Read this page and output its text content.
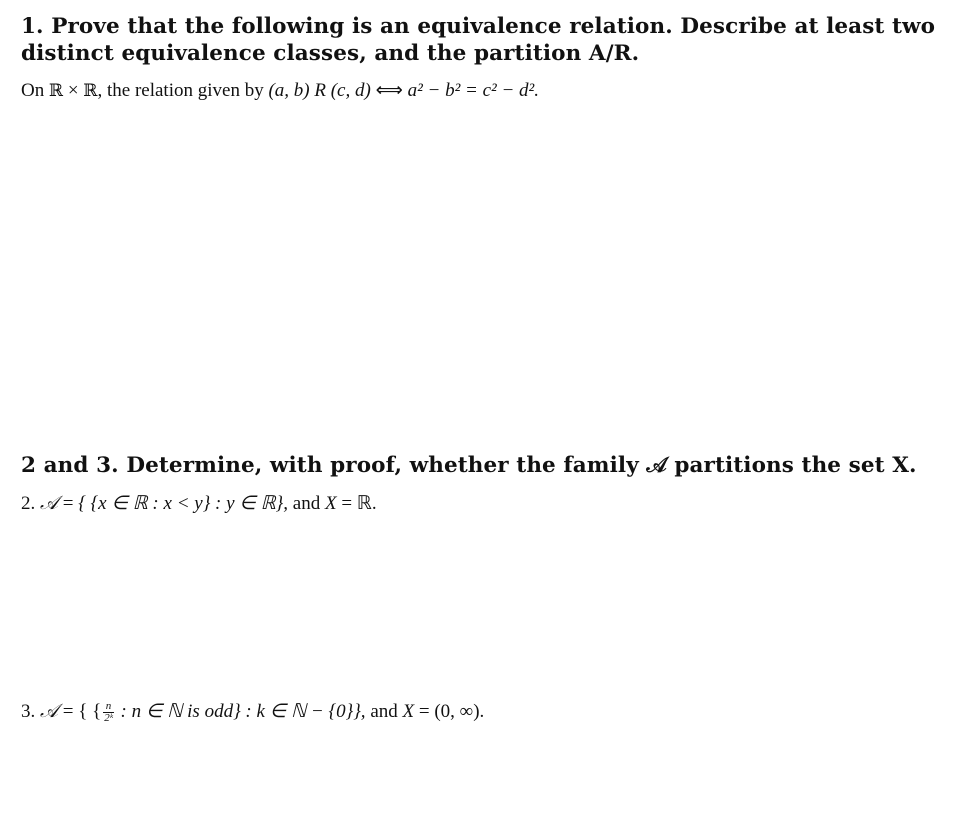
1. Prove that the following is an equivalence relation. Describe at least two
distinct equivalence classes, and the partition A/R.
On ℝ × ℝ, the relation given by (a, b) R (c, d) ⟺ a² − b² = c² − d².
2 and 3. Determine, with proof, whether the family 𝒜 partitions the set X.
2. 𝒜 = { {x ∈ ℝ : x < y} : y ∈ ℝ}, and X = ℝ.
3. 𝒜 = { { $\frac{n}{\text{2ᵏ}}$ : n ∈ ℕ is odd} : k ∈ ℕ − {0}}, and X = (0, ∞).
